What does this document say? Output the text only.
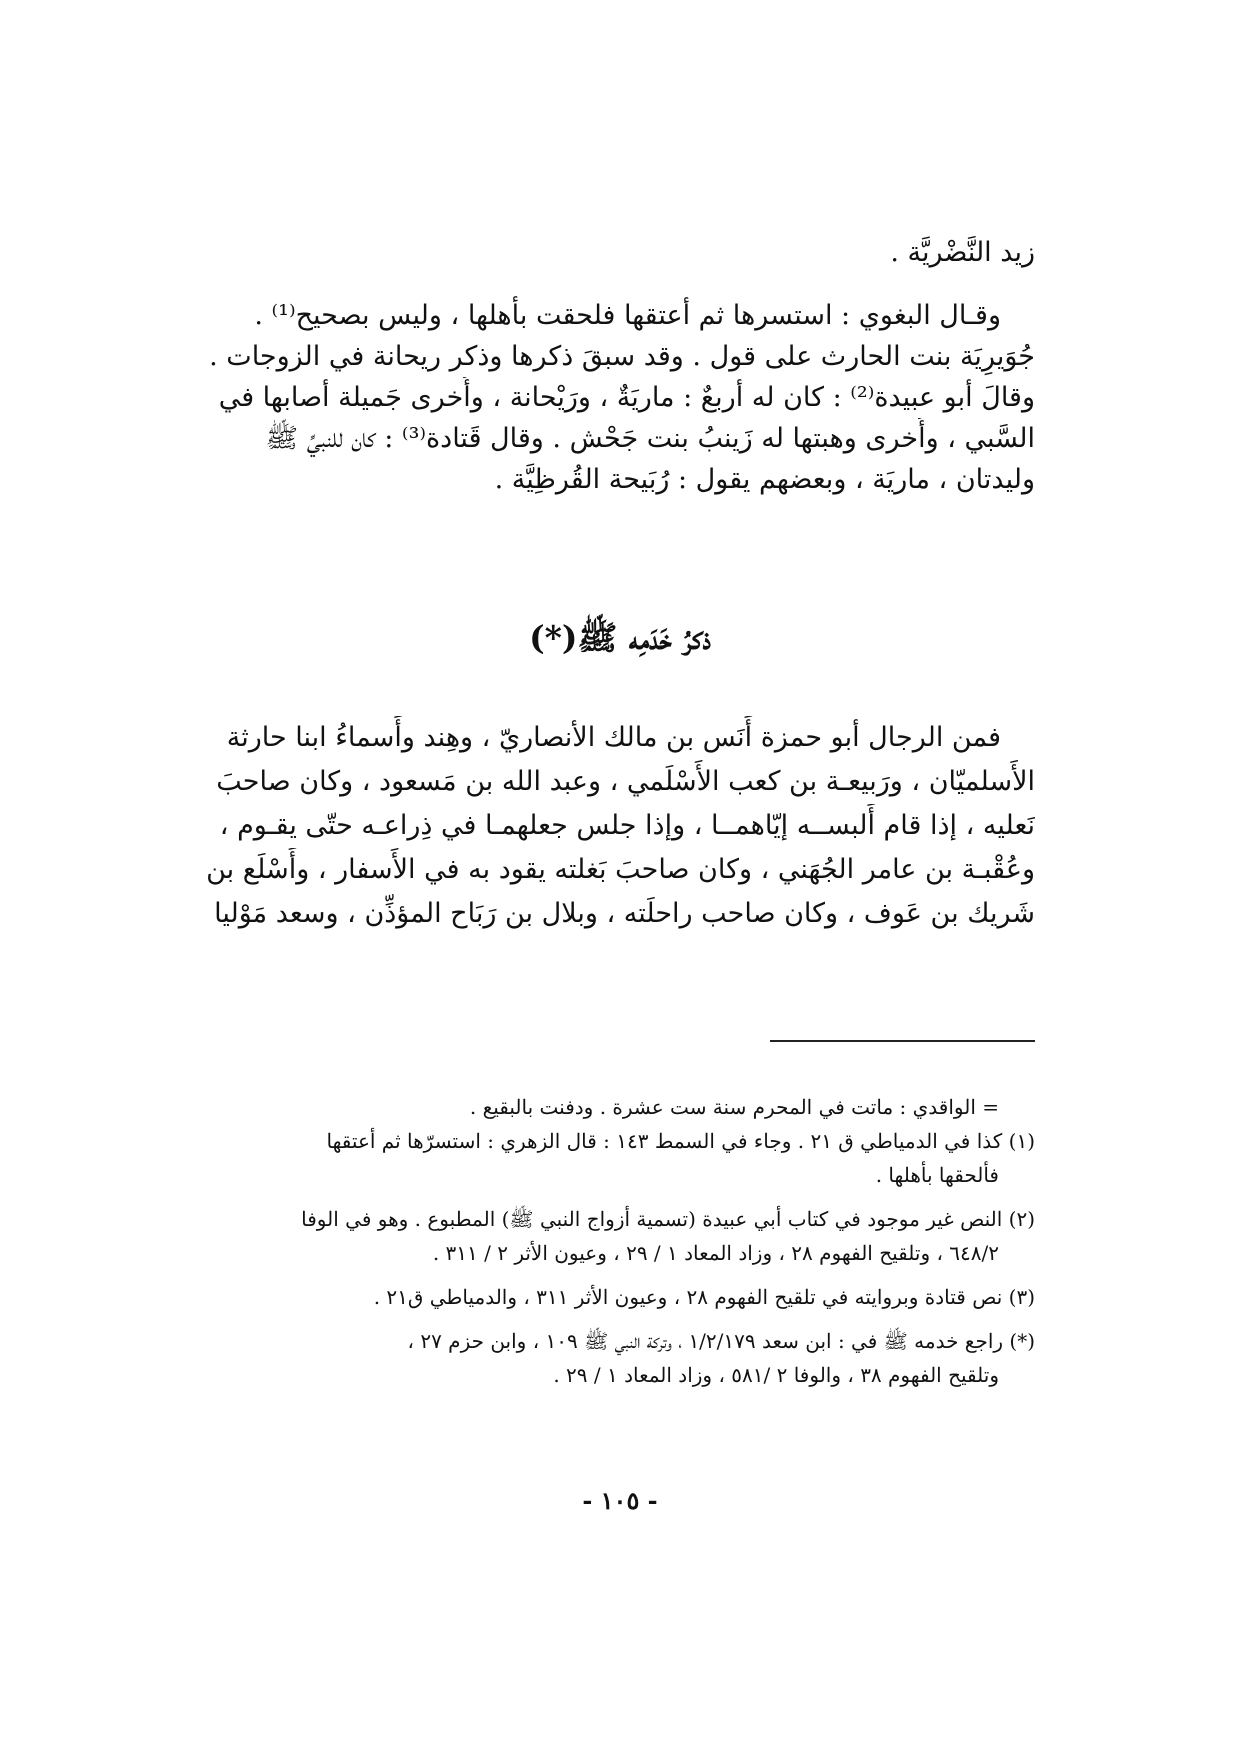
زيد النَّضْريَّة .
وقـال البغوي : استسرها ثم أعتقها فلحقت بأهلها ، وليس بصحيح⁽¹⁾ .
جُوَيرِيَة بنت الحارث على قول . وقد سبقَ ذكرها وذكر ريحانة في الزوجات .
وقالَ أبو عبيدة⁽²⁾ : كان له أربعٌ : ماريَةٌ ، ورَيْحانة ، وأُخرى جَميلة أصابها في
السَّبي ، وأُخرى وهبتها له زَينبُ بنت جَحْش . وقال قَتادة⁽³⁾ : كان للنبيِّ ﷺ
وليدتان ، ماريَة ، وبعضهم يقول : رُبَيحة القُرظِيَّة .
ذكرُ خَدَمِه ﷺ(*)
فمن الرجال أبو حمزة أَنَس بن مالك الأنصاريّ ، وهِند وأَسماءُ ابنا حارثة
الأَسلميّان ، ورَبيعـة بن كعب الأَسْلَمي ، وعبد الله بن مَسعود ، وكان صاحبَ
نَعليه ، إذا قام أَلبســه إيّاهمــا ، وإذا جلس جعلهمـا في ذِراعـه حتّى يقـوم ،
وعُقْبـة بن عامر الجُهَني ، وكان صاحبَ بَغلته يقود به في الأَسفار ، وأَسْلَع بن
شَريك بن عَوف ، وكان صاحب راحلَته ، وبلال بن رَبَاح المؤذِّن ، وسعد مَوْليا
= الواقدي : ماتت في المحرم سنة ست عشرة . ودفنت بالبقيع .
(١) كذا في الدمياطي ق ٢١ . وجاء في السمط ١٤٣ : قال الزهري : استسرّها ثم أعتقها
فألحقها بأهلها .
(٢) النص غير موجود في كتاب أبي عبيدة (تسمية أزواج النبي ﷺ) المطبوع . وهو في الوفا
٦٤٨/٢ ، وتلقيح الفهوم ٢٨ ، وزاد المعاد ١ / ٢٩ ، وعيون الأثر ٢ / ٣١١ .
(٣) نص قتادة وبروايته في تلقيح الفهوم ٢٨ ، وعيون الأثر ٣١١ ، والدمياطي ق٢١ .
(*) راجع خدمه ﷺ في : ابن سعد ١/٢/١٧٩ ، وتركة النبي ﷺ ١٠٩ ، وابن حزم ٢٧ ،
وتلقيح الفهوم ٣٨ ، والوفا ٢ /٥٨١ ، وزاد المعاد ١ / ٢٩ .
- ١٠٥ -
